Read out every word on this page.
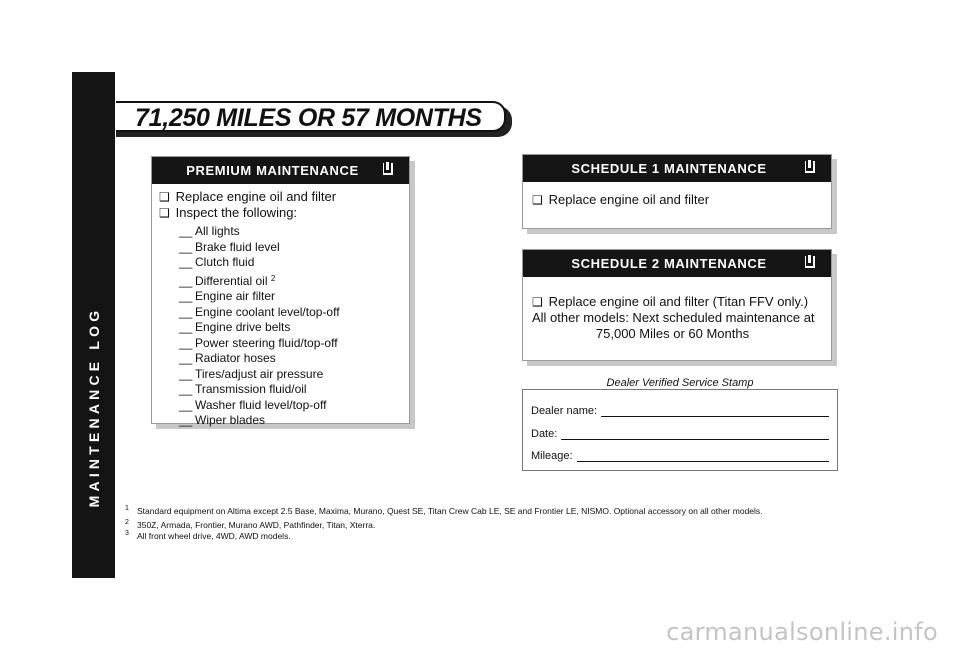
MAINTENANCE LOG
38
71,250 MILES OR 57 MONTHS
PREMIUM MAINTENANCE
❑ Replace engine oil and filter
❑ Inspect the following:
__ All lights
__ Brake fluid level
__ Clutch fluid
__ Differential oil $^2$
__ Engine air filter
__ Engine coolant level/top-off
__ Engine drive belts
__ Power steering fluid/top-off
__ Radiator hoses
__ Tires/adjust air pressure
__ Transmission fluid/oil
__ Washer fluid level/top-off
__ Wiper blades
SCHEDULE 1 MAINTENANCE
❑ Replace engine oil and filter
SCHEDULE 2 MAINTENANCE
❑ Replace engine oil and filter (Titan FFV only.)
All other models: Next scheduled maintenance at
75,000 Miles or 60 Months
Dealer Verified Service Stamp
Dealer name:
Date:
Mileage:
1 Standard equipment on Altima except 2.5 Base, Maxima, Murano, Quest SE, Titan Crew Cab LE, SE and Frontier LE, NISMO. Optional accessory on all other models.
2 350Z, Armada, Frontier, Murano AWD, Pathfinder, Titan, Xterra.
3 All front wheel drive, 4WD, AWD models.
carmanualsonline.info
